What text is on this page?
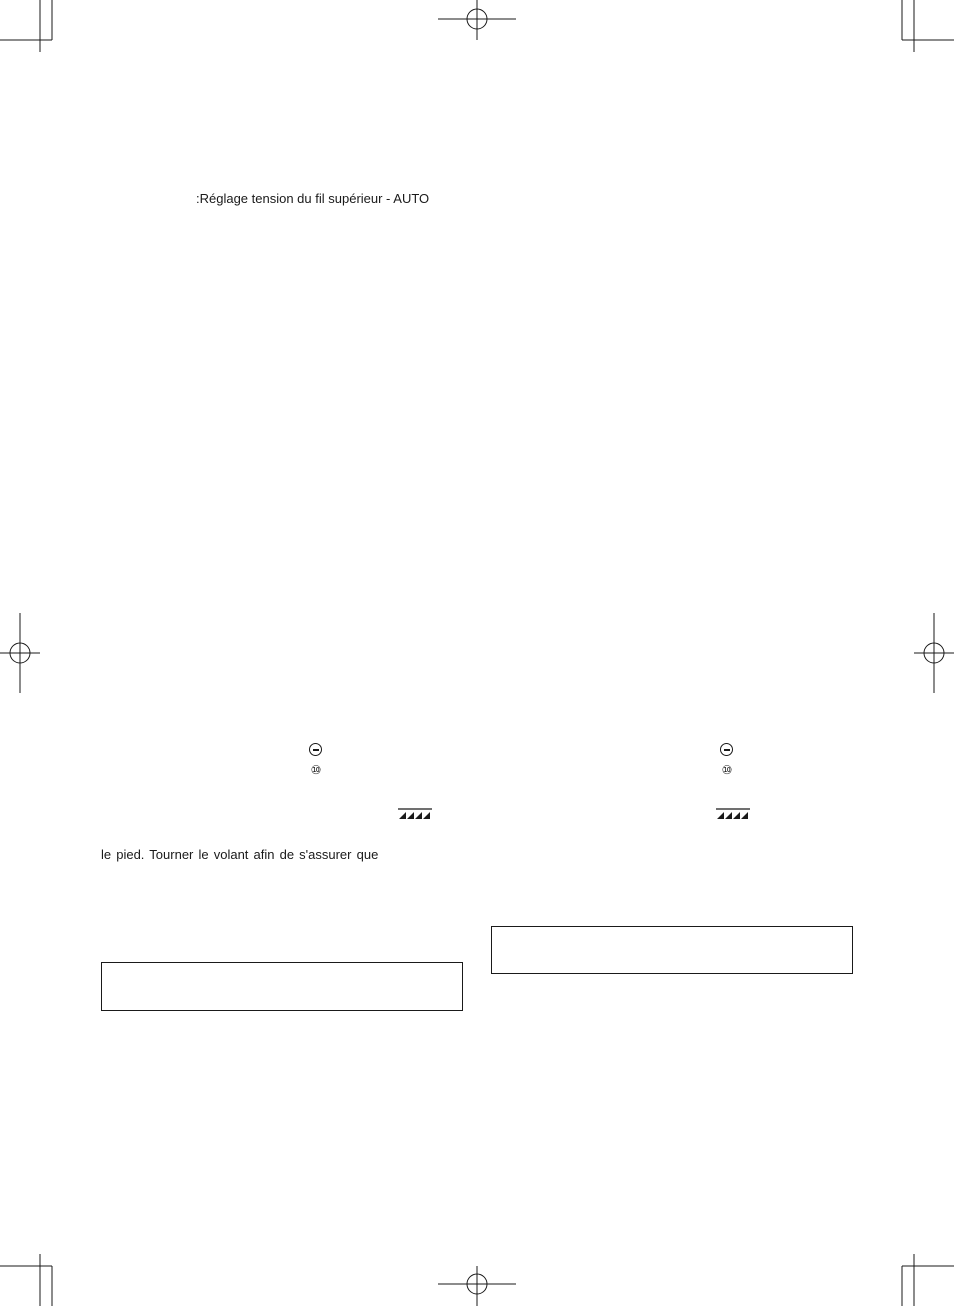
:Réglage tension du fil supérieur - AUTO
⑩	⑩
le pied. Tourner le volant afin de s'assurer que
